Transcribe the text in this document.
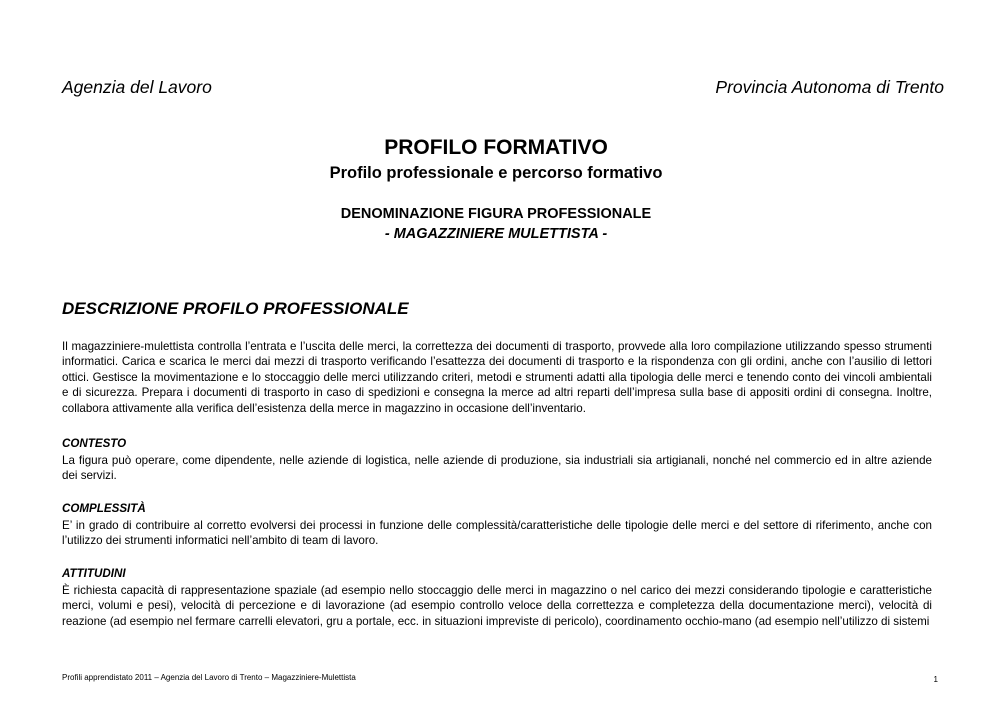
Agenzia del Lavoro	Provincia Autonoma di Trento
PROFILO FORMATIVO
Profilo professionale e percorso formativo
DENOMINAZIONE FIGURA PROFESSIONALE
- MAGAZZINIERE MULETTISTA -
DESCRIZIONE PROFILO PROFESSIONALE

Il magazziniere-mulettista controlla l’entrata e l’uscita delle merci, la correttezza dei documenti di trasporto, provvede alla loro compilazione utilizzando spesso strumenti informatici. Carica e scarica le merci dai mezzi di trasporto verificando l’esattezza dei documenti di trasporto e la rispondenza con gli ordini, anche con l’ausilio di lettori ottici. Gestisce la movimentazione e lo stoccaggio delle merci utilizzando criteri, metodi e strumenti adatti alla tipologia delle merci e tenendo conto dei vincoli ambientali e di sicurezza. Prepara i documenti di trasporto in caso di spedizioni e consegna la merce ad altri reparti dell’impresa sulla base di appositi ordini di consegna. Inoltre, collabora attivamente alla verifica dell’esistenza della merce in magazzino in occasione dell’inventario.

CONTESTO

La figura può operare, come dipendente, nelle aziende di logistica, nelle aziende di produzione, sia industriali sia artigianali, nonché nel commercio ed in altre aziende dei servizi.

COMPLESSITÀ

E’ in grado di contribuire al corretto evolversi dei processi in funzione delle complessità/caratteristiche delle tipologie delle merci e del settore di riferimento, anche con l’utilizzo dei strumenti informatici nell’ambito di team di lavoro.

ATTITUDINI

È richiesta capacità di rappresentazione spaziale (ad esempio nello stoccaggio delle merci in magazzino o nel carico dei mezzi considerando tipologie e caratteristiche merci, volumi e pesi), velocità di percezione e di lavorazione (ad esempio controllo veloce della correttezza e completezza della documentazione merci), velocità di reazione (ad esempio nel fermare carrelli elevatori, gru a portale, ecc. in situazioni impreviste di pericolo), coordinamento occhio-mano (ad esempio nell’utilizzo di sistemi

Profili apprendistato 2011 – Agenzia del Lavoro di Trento – Magazziniere-Mulettista	1
